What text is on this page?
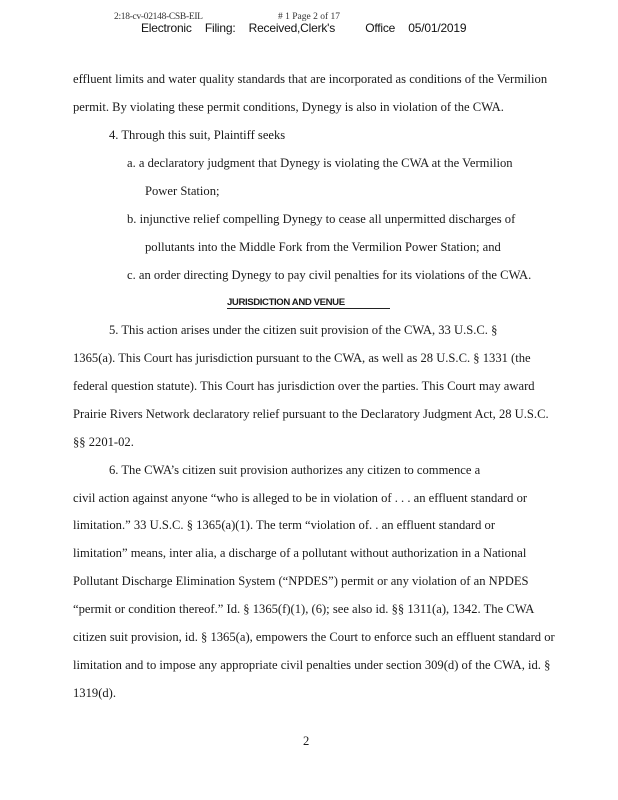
2:18-cv-02148-CSB-EIL	# 1 Page 2 of 17
Electronic Filing: Received,Clerk's	Office 05/01/2019
effluent limits and water quality standards that are incorporated as conditions of the Vermilion
permit. By violating these permit conditions, Dynegy is also in violation of the CWA.
4. Through this suit, Plaintiff seeks
a. a declaratory judgment that Dynegy is violating the CWA at the Vermilion
Power Station;
b. injunctive relief compelling Dynegy to cease all unpermitted discharges of
pollutants into the Middle Fork from the Vermilion Power Station; and
c. an order directing Dynegy to pay civil penalties for its violations of the CWA.
JURISDICTION AND VENUE
5. This action arises under the citizen suit provision of the CWA, 33 U.S.C. §
1365(a). This Court has jurisdiction pursuant to the CWA, as well as 28 U.S.C. § 1331 (the
federal question statute). This Court has jurisdiction over the parties. This Court may award
Prairie Rivers Network declaratory relief pursuant to the Declaratory Judgment Act, 28 U.S.C.
§§ 2201-02.
6. The CWA’s citizen suit provision authorizes any citizen to commence a
civil action against anyone “who is alleged to be in violation of . . . an effluent standard or
limitation.” 33 U.S.C. § 1365(a)(1). The term “violation of. . an effluent standard or
limitation” means, inter alia, a discharge of a pollutant without authorization in a National
Pollutant Discharge Elimination System (“NPDES”) permit or any violation of an NPDES
“permit or condition thereof.” Id. § 1365(f)(1), (6); see also id. §§ 1311(a), 1342. The CWA
citizen suit provision, id. § 1365(a), empowers the Court to enforce such an effluent standard or
limitation and to impose any appropriate civil penalties under section 309(d) of the CWA, id. §
1319(d).
2
